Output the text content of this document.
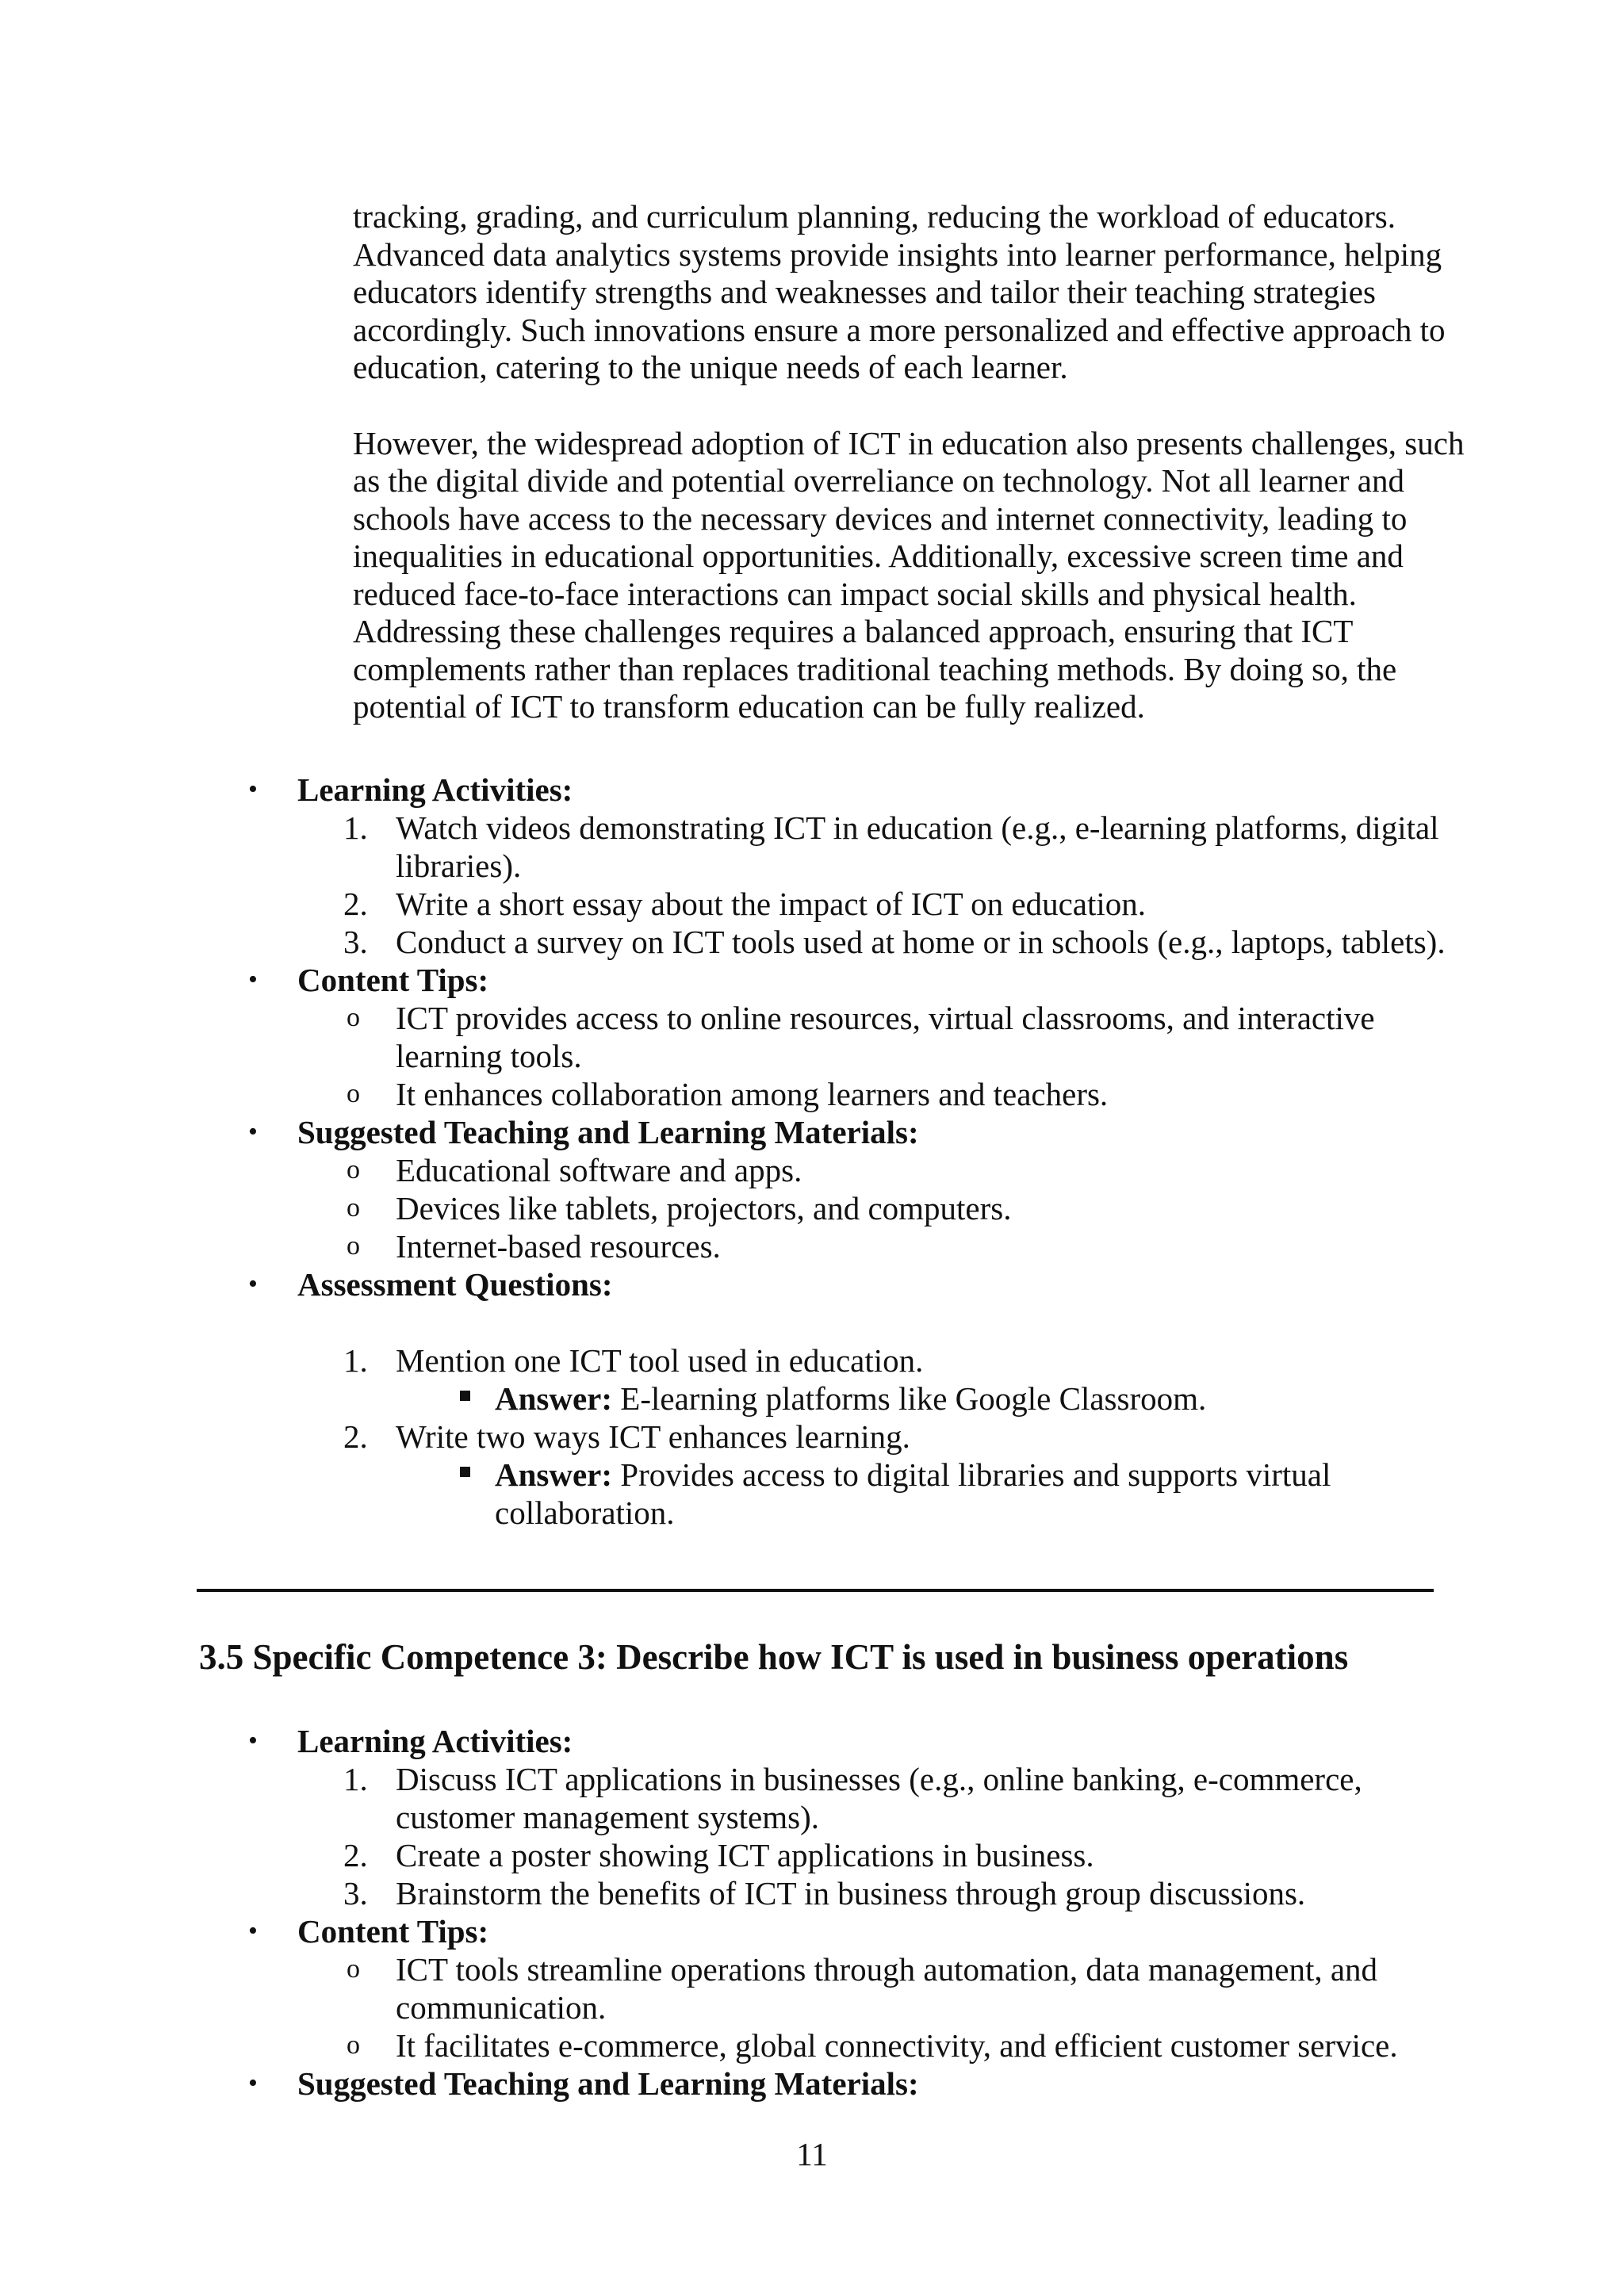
tracking, grading, and curriculum planning, reducing the workload of educators. Advanced data analytics systems provide insights into learner performance, helping educators identify strengths and weaknesses and tailor their teaching strategies accordingly. Such innovations ensure a more personalized and effective approach to education, catering to the unique needs of each learner.

However, the widespread adoption of ICT in education also presents challenges, such as the digital divide and potential overreliance on technology. Not all learner and schools have access to the necessary devices and internet connectivity, leading to inequalities in educational opportunities. Additionally, excessive screen time and reduced face-to-face interactions can impact social skills and physical health. Addressing these challenges requires a balanced approach, ensuring that ICT complements rather than replaces traditional teaching methods. By doing so, the potential of ICT to transform education can be fully realized.

• Learning Activities:
1. Watch videos demonstrating ICT in education (e.g., e-learning platforms, digital
libraries).
2. Write a short essay about the impact of ICT on education.
3. Conduct a survey on ICT tools used at home or in schools (e.g., laptops, tablets).
• Content Tips:
o ICT provides access to online resources, virtual classrooms, and interactive
learning tools.
o It enhances collaboration among learners and teachers.
• Suggested Teaching and Learning Materials:
o Educational software and apps.
o Devices like tablets, projectors, and computers.
o Internet-based resources.
• Assessment Questions:
1. Mention one ICT tool used in education.
Answer: E-learning platforms like Google Classroom.
2. Write two ways ICT enhances learning.
Answer: Provides access to digital libraries and supports virtual
collaboration.
3.5 Specific Competence 3: Describe how ICT is used in business operations
• Learning Activities:
1. Discuss ICT applications in businesses (e.g., online banking, e-commerce,
customer management systems).
2. Create a poster showing ICT applications in business.
3. Brainstorm the benefits of ICT in business through group discussions.
• Content Tips:
o ICT tools streamline operations through automation, data management, and
communication.
o It facilitates e-commerce, global connectivity, and efficient customer service.
• Suggested Teaching and Learning Materials:
11
